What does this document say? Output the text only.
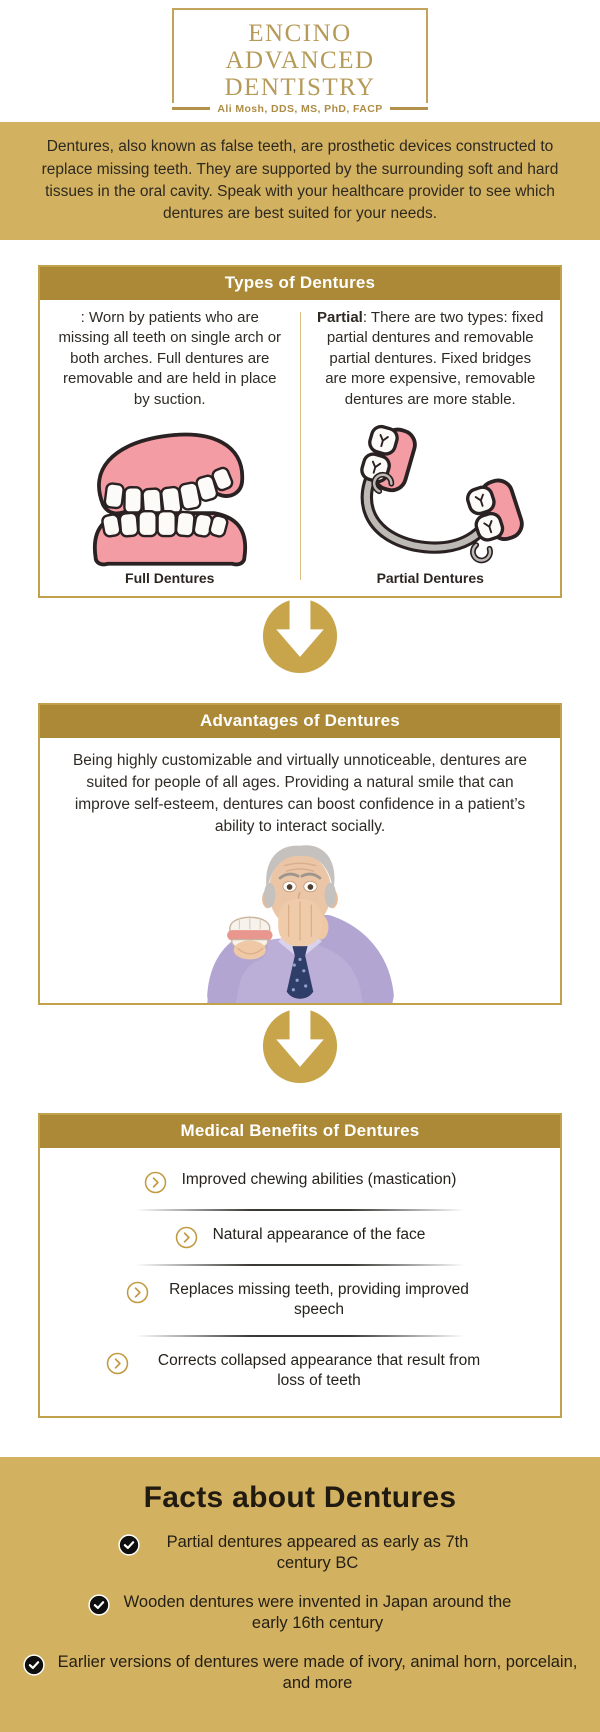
ENCINO ADVANCED
DENTISTRY
Ali Mosh, DDS, MS, PhD, FACP

Dentures, also known as false teeth, are prosthetic devices constructed to replace missing teeth. They are supported by the surrounding soft and hard tissues in the oral cavity. Speak with your healthcare provider to see which dentures are best suited for your needs.

Types of Dentures

: Worn by patients who are missing all teeth on single arch or both arches. Full dentures are removable and are held in place by suction.

Full Dentures

Partial: There are two types: fixed partial dentures and removable partial dentures. Fixed bridges are more expensive, removable dentures are more stable.

Partial Dentures
Advantages of Dentures

Being highly customizable and virtually unnoticeable, dentures are suited for people of all ages. Providing a natural smile that can improve self-esteem, dentures can boost confidence in a patient’s ability to interact socially.

Medical Benefits of Dentures
Improved chewing abilities (mastication)
Natural appearance of the face
Replaces missing teeth, providing improved speech
Corrects collapsed appearance that result from loss of teeth
Facts about Dentures
Partial dentures appeared as early as 7th century BC
Wooden dentures were invented in Japan around the early 16th century
Earlier versions of dentures were made of ivory, animal horn, porcelain, and more
